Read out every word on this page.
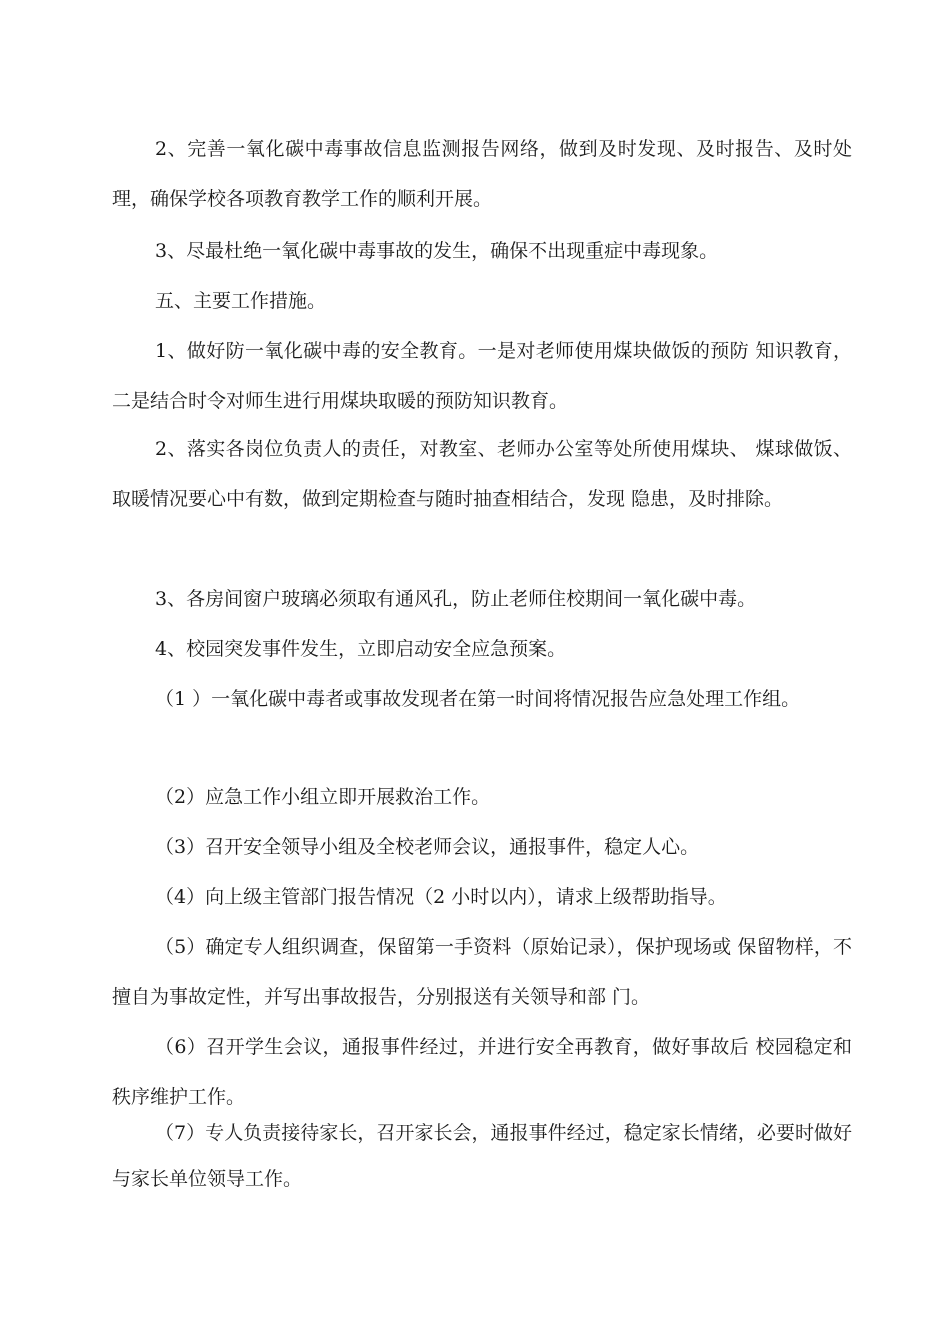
2、完善一氧化碳中毒事故信息监测报告网络，做到及时发现、及时报告、及时处理，确保学校各项教育教学工作的顺利开展。

3、尽最杜绝一氧化碳中毒事故的发生，确保不出现重症中毒现象。

五、主要工作措施。

1、做好防一氧化碳中毒的安全教育。一是对老师使用煤块做饭的预防 知识教育，二是结合时令对师生进行用煤块取暖的预防知识教育。

2、落实各岗位负责人的责任，对教室、老师办公室等处所使用煤块、 煤球做饭、取暖情况要心中有数，做到定期检查与随时抽查相结合，发现 隐患，及时排除。

3、各房间窗户玻璃必须取有通风孔，防止老师住校期间一氧化碳中毒。

4、校园突发事件发生，立即启动安全应急预案。

（1 ）一氧化碳中毒者或事故发现者在第一时间将情况报告应急处理工作组。

（2）应急工作小组立即开展救治工作。

（3）召开安全领导小组及全校老师会议，通报事件，稳定人心。

（4）向上级主管部门报告情况（2 小时以内），请求上级帮助指导。

（5）确定专人组织调查，保留第一手资料（原始记录），保护现场或 保留物样，不擅自为事故定性，并写出事故报告，分别报送有关领导和部 门。

（6）召开学生会议，通报事件经过，并进行安全再教育，做好事故后 校园稳定和秩序维护工作。

（7）专人负责接待家长，召开家长会，通报事件经过，稳定家长情绪，必要时做好与家长单位领导工作。
